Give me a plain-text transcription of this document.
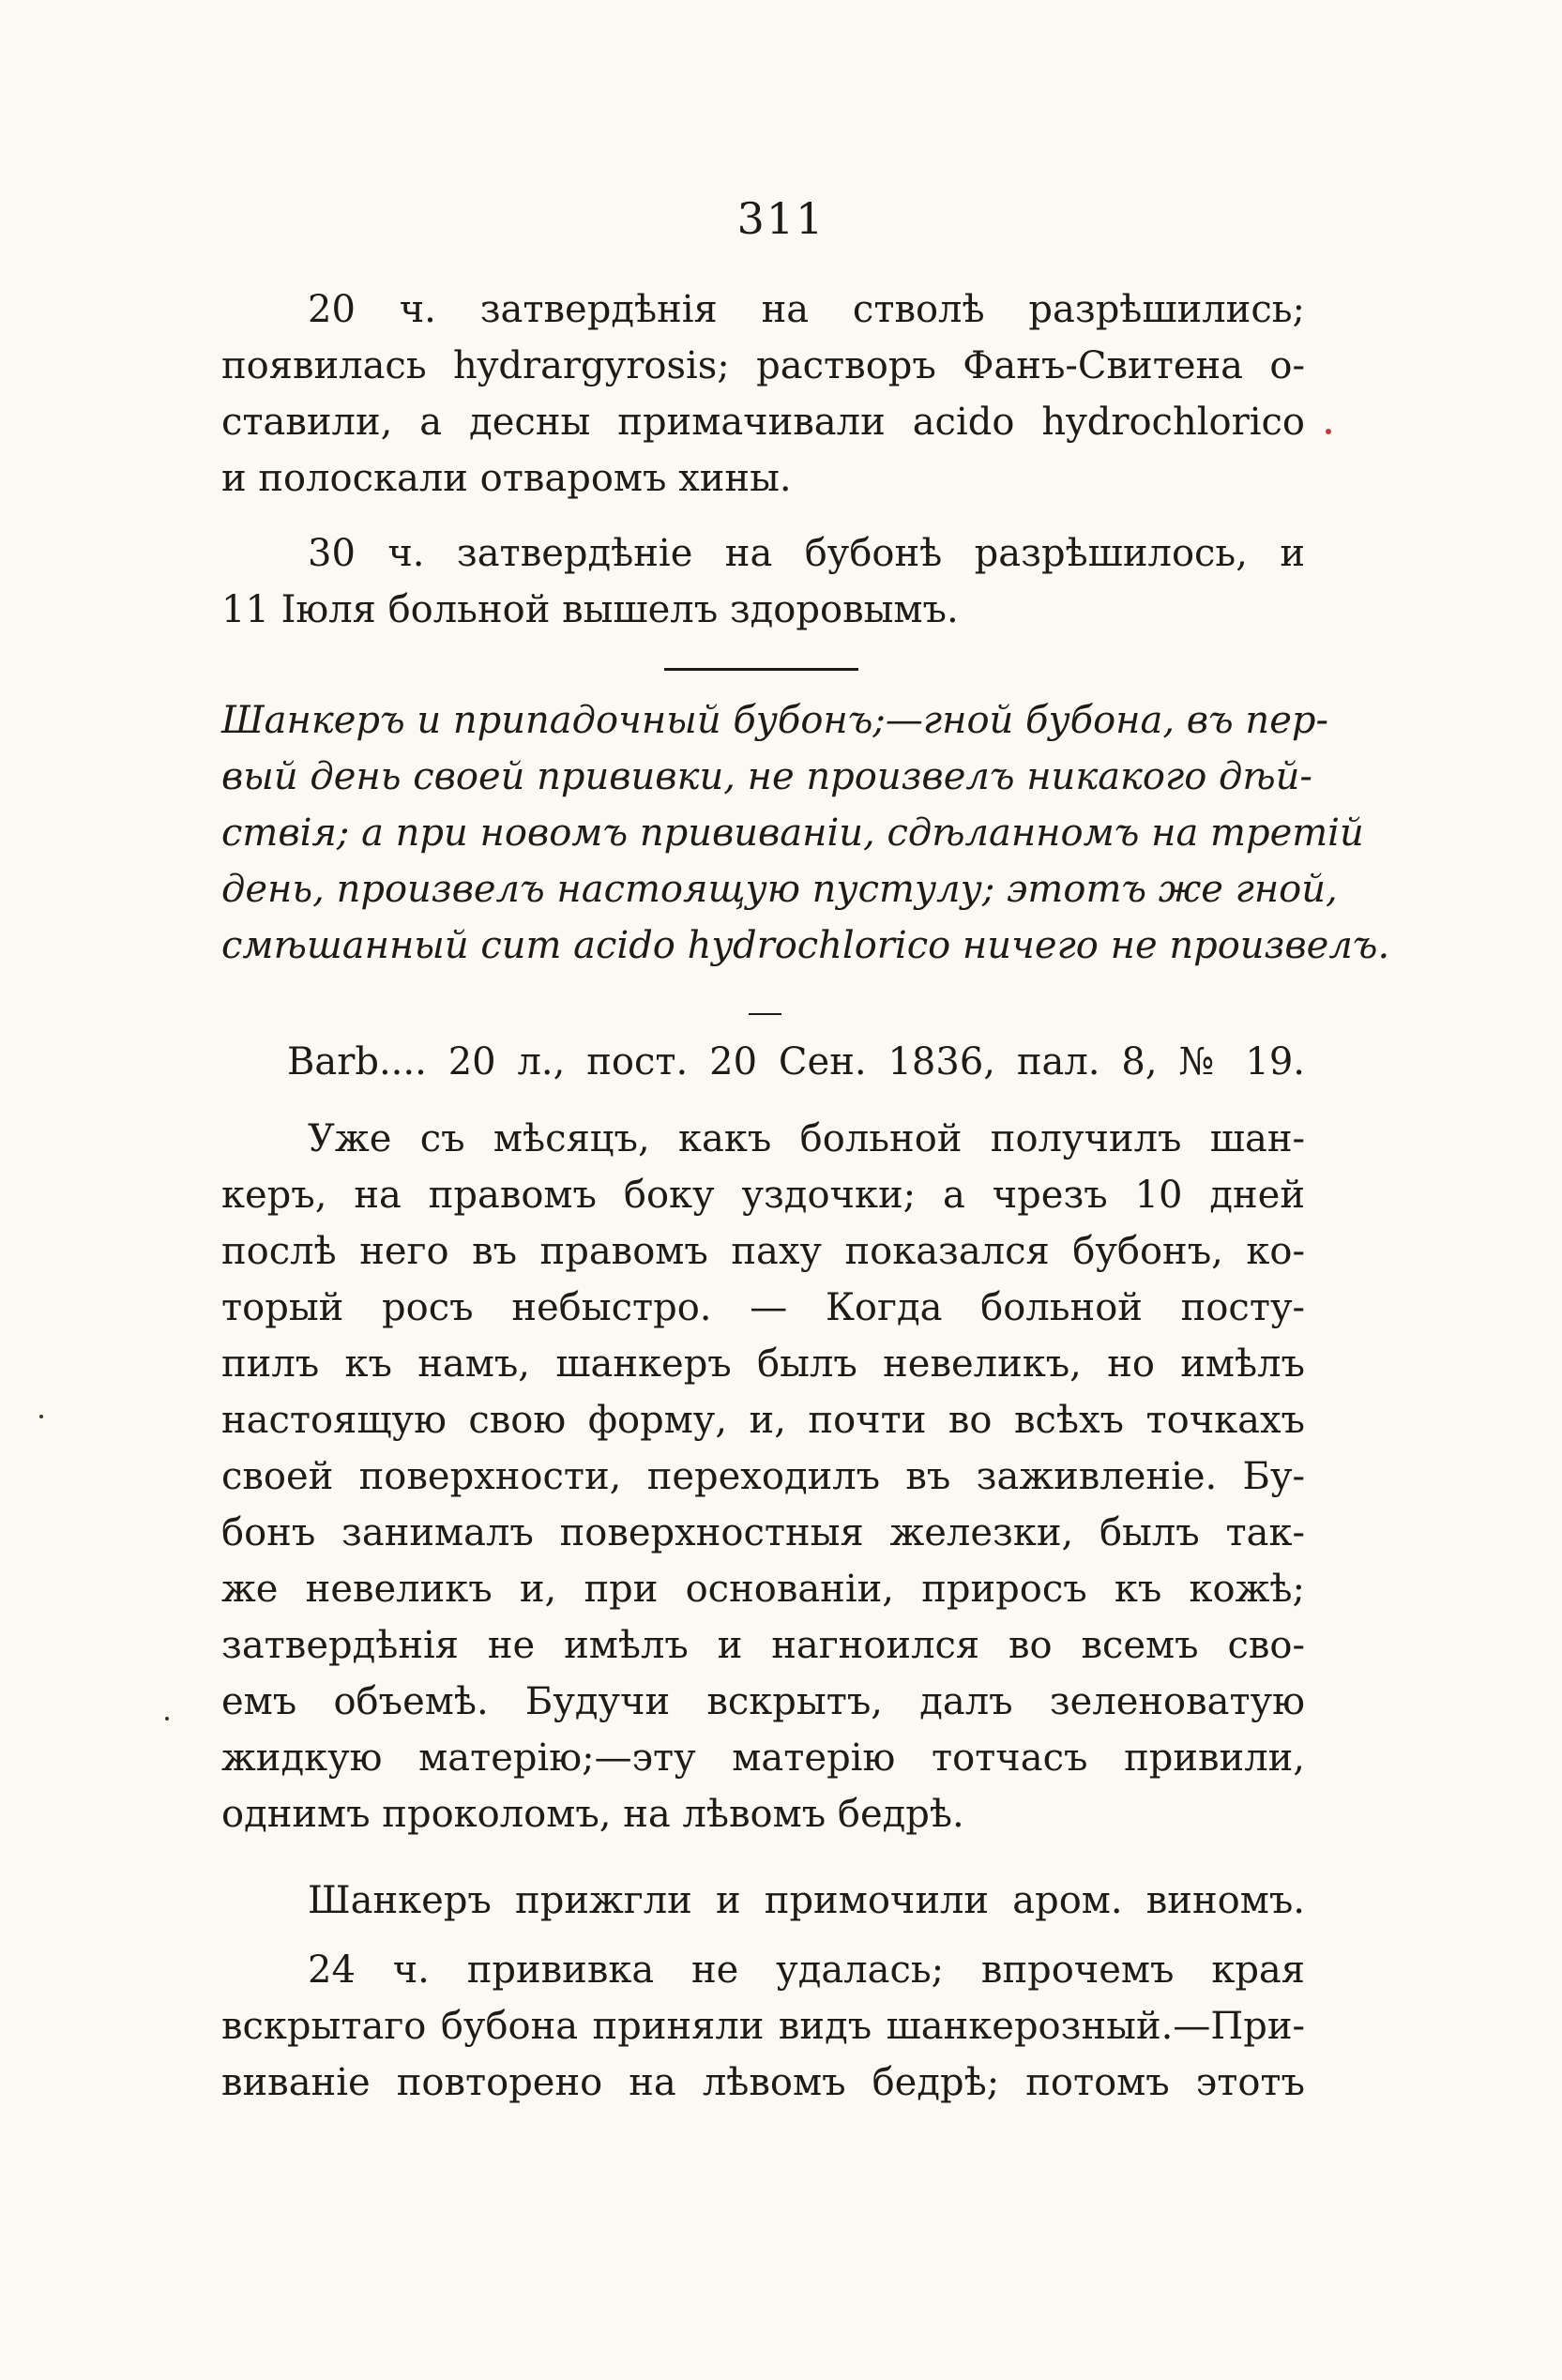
311
20 ч. затвердѣнія на стволѣ разрѣшились;
появилась hydrargyrosis; растворъ Фанъ-Свитена о-
ставили, а десны примачивали acido hydrochlorico
и полоскали отваромъ хины.
30 ч. затвердѣніе на бубонѣ разрѣшилось, и
11 Іюля больной вышелъ здоровымъ.
Шанкеръ и припадочный бубонъ;—гной бубона, въ пер-
вый день своей прививки, не произвелъ никакого дѣй-
ствія; а при новомъ прививаніи, сдѣланномъ на третій
день, произвелъ настоящую пустулу; этотъ же гной,
смѣшанный cum acido hydrochlorico ничего не произвелъ.
Barb.... 20 л., пост. 20 Сен. 1836, пал. 8, № 19.
Уже съ мѣсяцъ, какъ больной получилъ шан-
керъ, на правомъ боку уздочки; а чрезъ 10 дней
послѣ него въ правомъ паху показался бубонъ, ко-
торый росъ небыстро. — Когда больной посту-
пилъ къ намъ, шанкеръ былъ невеликъ, но имѣлъ
настоящую свою форму, и, почти во всѣхъ точкахъ
своей поверхности, переходилъ въ заживленіе. Бу-
бонъ занималъ поверхностныя железки, былъ так-
же невеликъ и, при основаніи, приросъ къ кожѣ;
затвердѣнія не имѣлъ и нагноился во всемъ сво-
емъ объемѣ. Будучи вскрытъ, далъ зеленоватую
жидкую матерію;—эту матерію тотчасъ привили,
однимъ прокoломъ, на лѣвомъ бедрѣ.
Шанкеръ прижгли и примочили аром. виномъ.
24 ч. прививка не удалась; впрочемъ края
вскрытаго бубона приняли видъ шанкерозный.—При-
виваніе повторено на лѣвомъ бедрѣ; потомъ этотъ
